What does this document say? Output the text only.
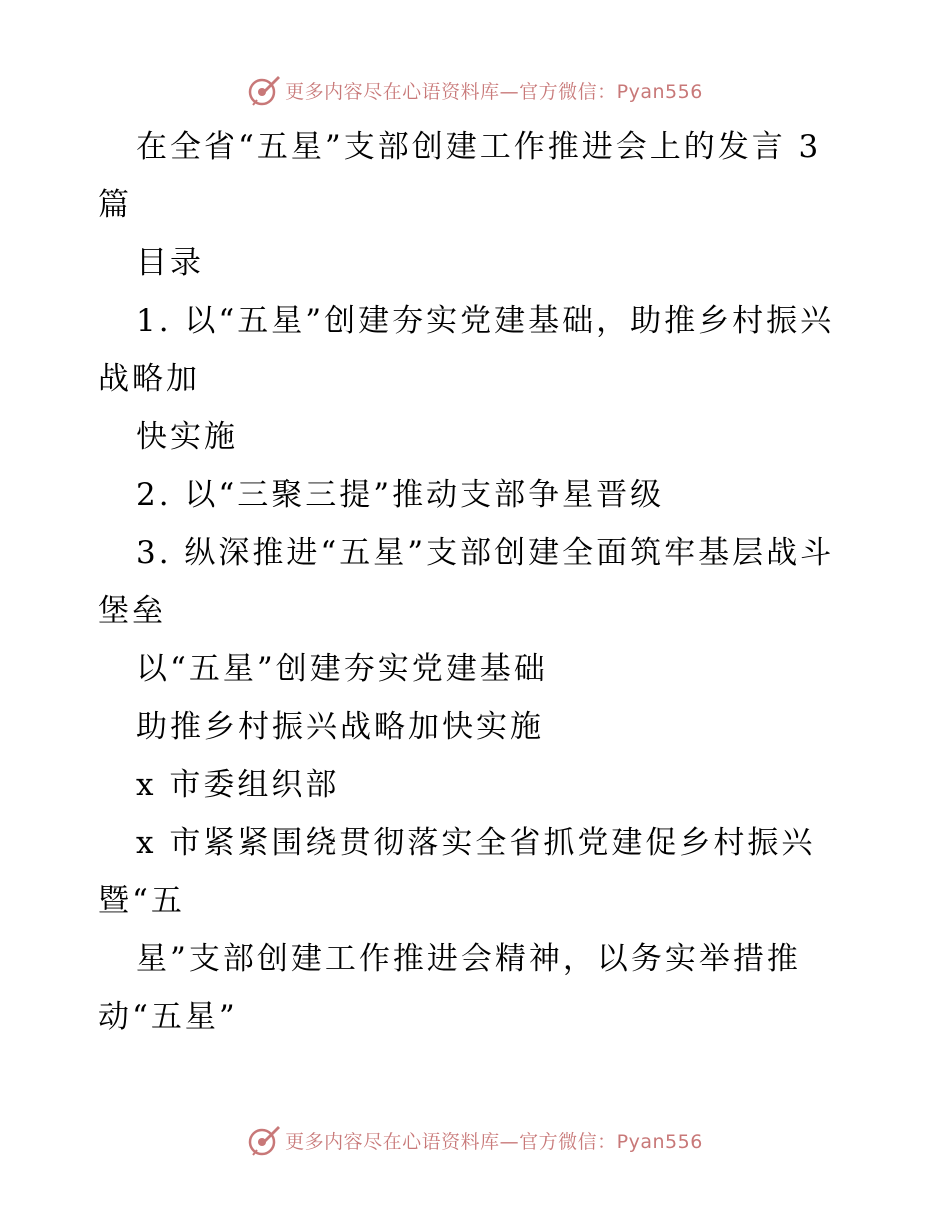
更多内容尽在心语资料库—官方微信：Pyan556
在全省“五星”支部创建工作推进会上的发言 3
篇
目录
1. 以“五星”创建夯实党建基础，助推乡村振兴
战略加
快实施
2. 以“三聚三提”推动支部争星晋级
3. 纵深推进“五星”支部创建全面筑牢基层战斗
堡垒
以“五星”创建夯实党建基础
助推乡村振兴战略加快实施
x 市委组织部
x 市紧紧围绕贯彻落实全省抓党建促乡村振兴
暨“五
星”支部创建工作推进会精神，以务实举措推
动“五星”
更多内容尽在心语资料库—官方微信：Pyan556
